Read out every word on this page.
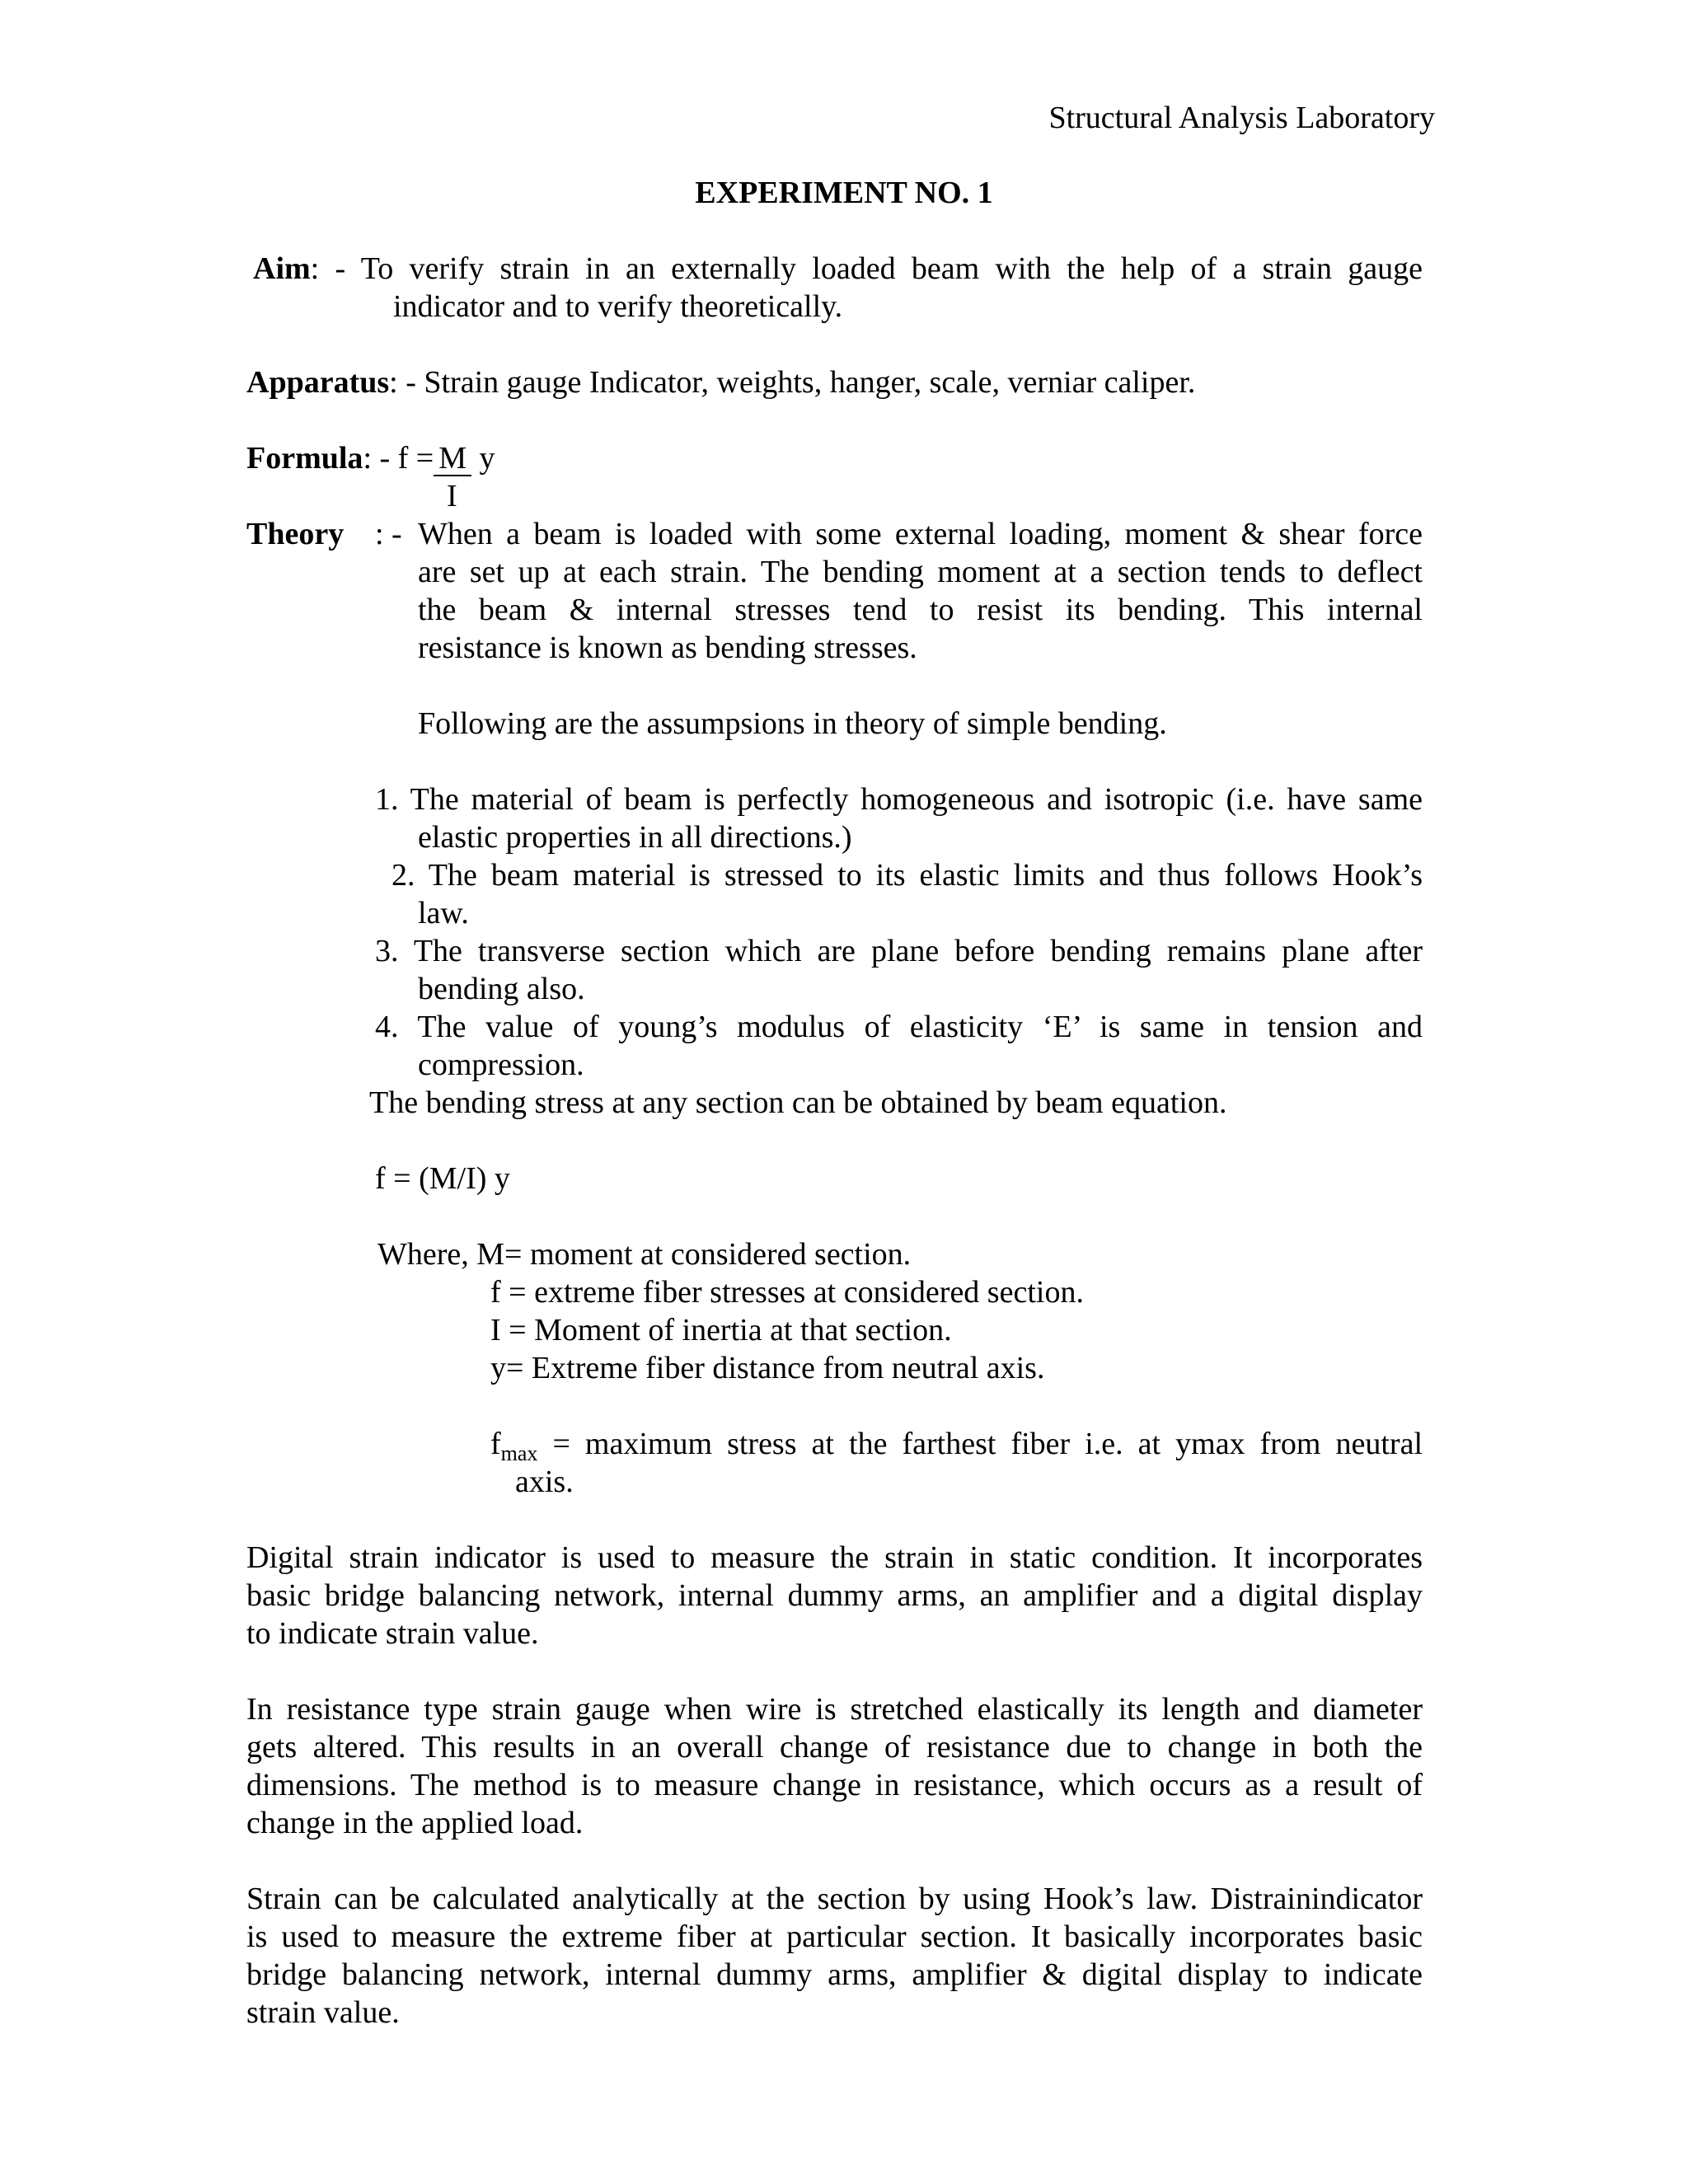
Structural Analysis Laboratory
EXPERIMENT NO. 1
Aim: - To verify strain in an externally loaded beam with the help of a strain gauge
indicator and to verify theoretically.
Apparatus: - Strain gauge Indicator, weights, hanger, scale, verniar caliper.
Formula: - f = M y
I
Theory : - When a beam is loaded with some external loading, moment & shear force
are set up at each strain. The bending moment at a section tends to deflect
the beam & internal stresses tend to resist its bending. This internal
resistance is known as bending stresses.
Following are the assumpsions in theory of simple bending.
1. The material of beam is perfectly homogeneous and isotropic (i.e. have same
elastic properties in all directions.)
2. The beam material is stressed to its elastic limits and thus follows Hook’s
law.
3. The transverse section which are plane before bending remains plane after
bending also.
4. The value of young’s modulus of elasticity ‘E’ is same in tension and
compression.
The bending stress at any section can be obtained by beam equation.
f = (M/I) y
Where, M= moment at considered section.
f = extreme fiber stresses at considered section.
I = Moment of inertia at that section.
y= Extreme fiber distance from neutral axis.
$f_{max}$ = maximum stress at the farthest fiber i.e. at ymax from neutral
axis.
Digital strain indicator is used to measure the strain in static condition. It incorporates
basic bridge balancing network, internal dummy arms, an amplifier and a digital display
to indicate strain value.
In resistance type strain gauge when wire is stretched elastically its length and diameter
gets altered. This results in an overall change of resistance due to change in both the
dimensions. The method is to measure change in resistance, which occurs as a result of
change in the applied load.
Strain can be calculated analytically at the section by using Hook’s law. Distrainindicator
is used to measure the extreme fiber at particular section. It basically incorporates basic
bridge balancing network, internal dummy arms, amplifier & digital display to indicate
strain value.
